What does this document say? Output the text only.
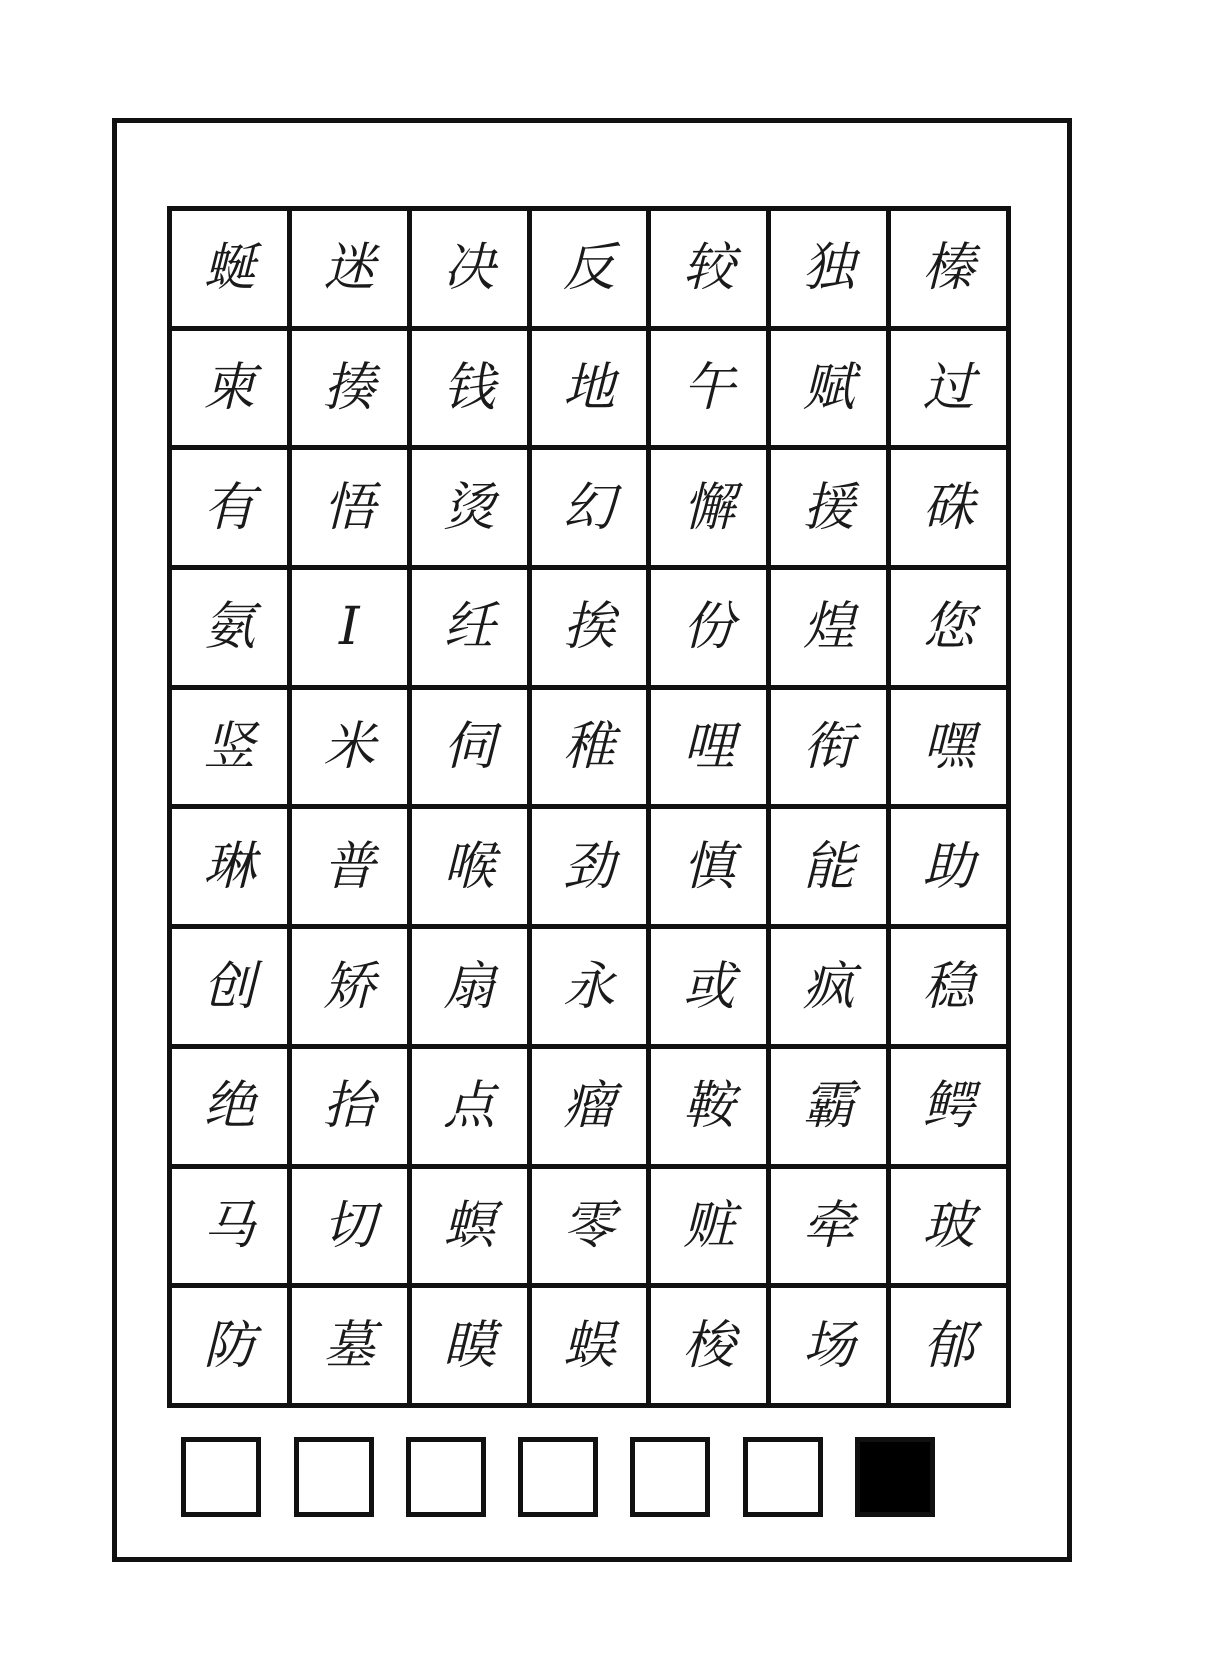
蜒	迷	决	反	较	独	榛
柬	揍	钱	地	午	赋	过
有	悟	烫	幻	懈	援	硃
氨	I	纴	挨	份	煌	您
竖	米	伺	稚	哩	衔	嘿
琳	普	喉	劲	慎	能	助
创	矫	扇	永	或	疯	稳
绝	抬	点	瘤	鞍	霸	鳄
马	切	螟	零	赃	牵	玻
防	墓	瞙	蜈	梭	场	郁
